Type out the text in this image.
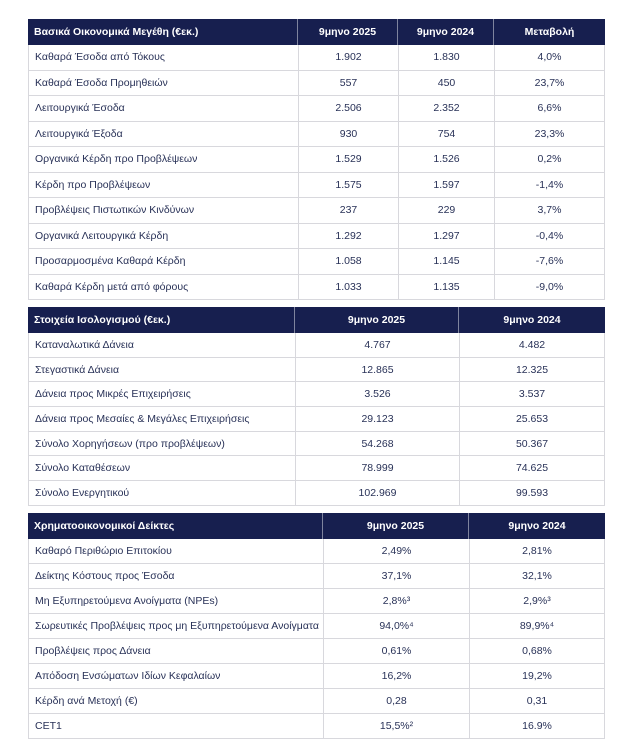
Βασικά Οικονομικά Μεγέθη (€εκ.)	9μηνο 2025	9μηνο 2024	Μεταβολή
Καθαρά Έσοδα από Τόκους	1.902	1.830	4,0%
Καθαρά Έσοδα Προμηθειών	557	450	23,7%
Λειτουργικά Έσοδα	2.506	2.352	6,6%
Λειτουργικά Έξοδα	930	754	23,3%
Οργανικά Κέρδη προ Προβλέψεων	1.529	1.526	0,2%
Κέρδη προ Προβλέψεων	1.575	1.597	-1,4%
Προβλέψεις Πιστωτικών Κινδύνων	237	229	3,7%
Οργανικά Λειτουργικά Κέρδη	1.292	1.297	-0,4%
Προσαρμοσμένα Καθαρά Κέρδη	1.058	1.145	-7,6%
Καθαρά Κέρδη μετά από φόρους	1.033	1.135	-9,0%
Στοιχεία Ισολογισμού (€εκ.)	9μηνο 2025	9μηνο 2024
Καταναλωτικά Δάνεια	4.767	4.482
Στεγαστικά Δάνεια	12.865	12.325
Δάνεια προς Μικρές Επιχειρήσεις	3.526	3.537
Δάνεια προς Μεσαίες & Μεγάλες Επιχειρήσεις	29.123	25.653
Σύνολο Χορηγήσεων (προ προβλέψεων)	54.268	50.367
Σύνολο Καταθέσεων	78.999	74.625
Σύνολο Ενεργητικού	102.969	99.593
Χρηματοοικονομικοί Δείκτες	9μηνο 2025	9μηνο 2024
Καθαρό Περιθώριο Επιτοκίου	2,49%	2,81%
Δείκτης Κόστους προς Έσοδα	37,1%	32,1%
Μη Εξυπηρετούμενα Ανοίγματα (NPEs)	2,8%³	2,9%³
Σωρευτικές Προβλέψεις προς μη Εξυπηρετούμενα Ανοίγματα	94,0%⁴	89,9%⁴
Προβλέψεις προς Δάνεια	0,61%	0,68%
Απόδοση Ενσώματων Ιδίων Κεφαλαίων	16,2%	19,2%
Κέρδη ανά Μετοχή (€)	0,28	0,31
CET1	15,5%²	16.9%
